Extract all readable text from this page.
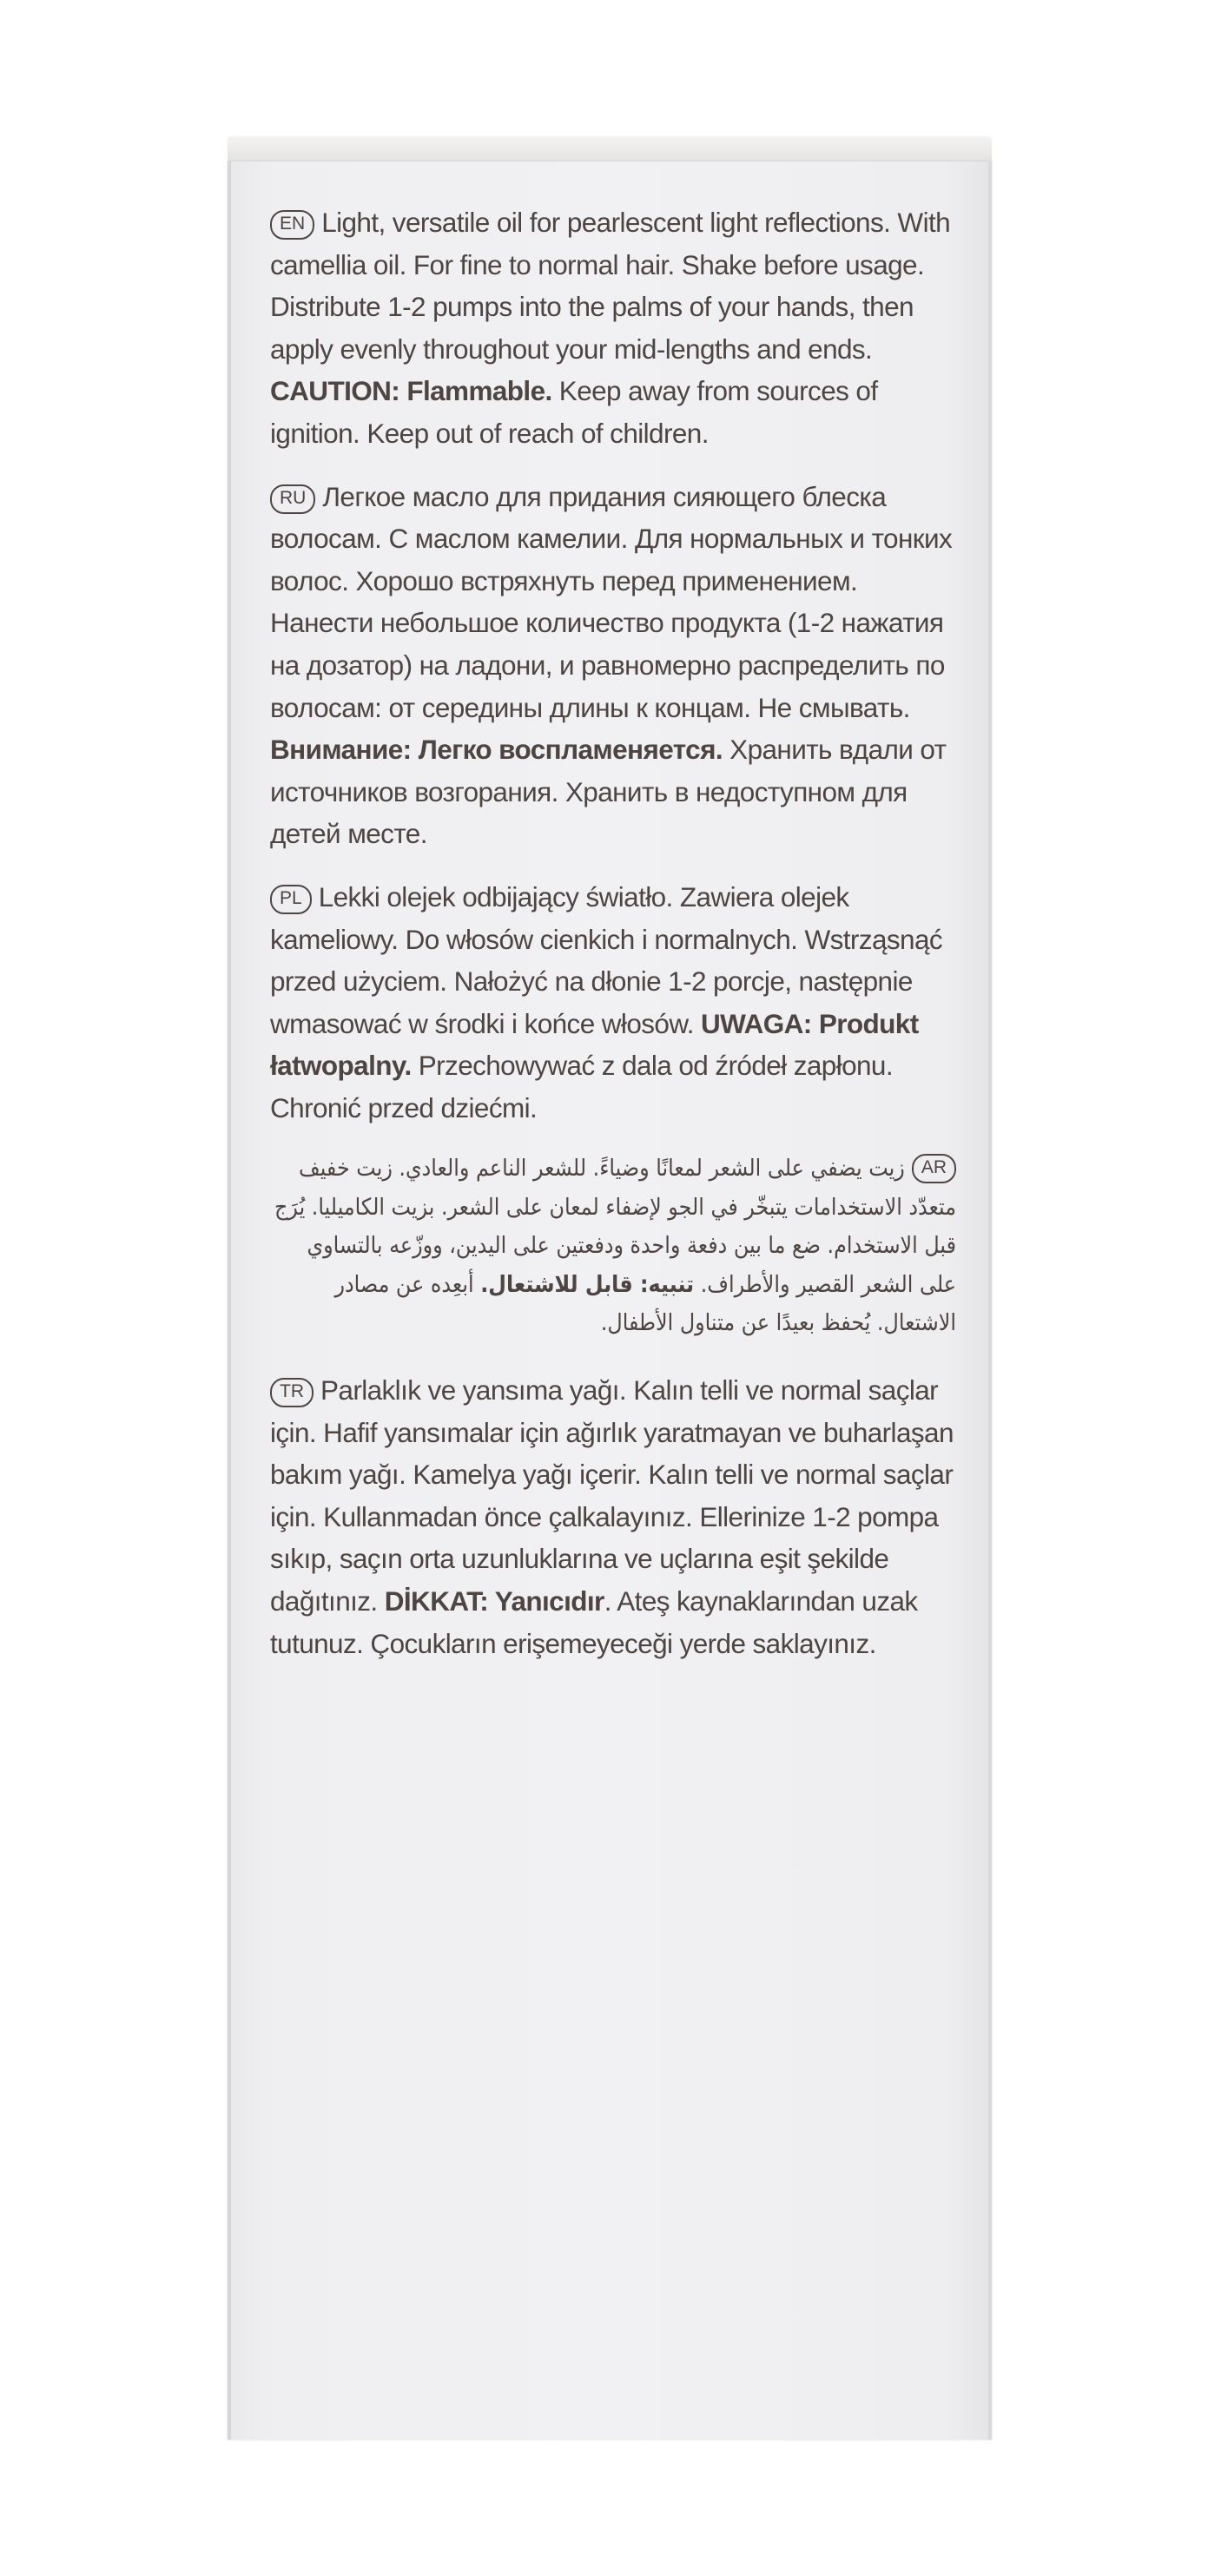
EN Light, versatile oil for pearlescent light reflections. With camellia oil. For fine to normal hair. Shake before usage. Distribute 1-2 pumps into the palms of your hands, then apply evenly throughout your mid-lengths and ends. CAUTION: Flammable. Keep away from sources of ignition. Keep out of reach of children.

RU Легкое масло для придания сияющего блеска волосам. С маслом камелии. Для нормальных и тонких волос. Хорошо встряхнуть перед применением. Нанести небольшое количество продукта (1-2 нажатия на дозатор) на ладони, и равномерно распределить по волосам: от середины длины к концам. Не смывать. Внимание: Легко воспламеняется. Хранить вдали от источников возгорания. Хранить в недоступном для детей месте.

PL Lekki olejek odbijający światło. Zawiera olejek kameliowy. Do włosów cienkich i normalnych. Wstrząsnąć przed użyciem. Nałożyć na dłonie 1-2 porcje, następnie wmasować w środki i końce włosów. UWAGA: Produkt łatwopalny. Przechowywać z dala od źródeł zapłonu. Chronić przed dziećmi.

ARزيت يضفي على الشعر لمعانًا وضياءً. للشعر الناعم والعادي. زيت خفيف متعدّد الاستخدامات يتبخّر في الجو لإضفاء لمعان على الشعر. بزيت الكاميليا. يُرَج قبل الاستخدام. ضع ما بين دفعة واحدة ودفعتين على اليدين، ووزّعه بالتساوي على الشعر القصير والأطراف. تنبيه: قابل للاشتعال. أبعِده عن مصادر الاشتعال. يُحفظ بعيدًا عن متناول الأطفال.

TR Parlaklık ve yansıma yağı. Kalın telli ve normal saçlar için. Hafif yansımalar için ağırlık yaratmayan ve buharlaşan bakım yağı. Kamelya yağı içerir. Kalın telli ve normal saçlar için. Kullanmadan önce çalkalayınız. Ellerinize 1-2 pompa sıkıp, saçın orta uzunluklarına ve uçlarına eşit şekilde dağıtınız. DİKKAT: Yanıcıdır. Ateş kaynaklarından uzak tutunuz. Çocukların erişemeyeceği yerde saklayınız.
